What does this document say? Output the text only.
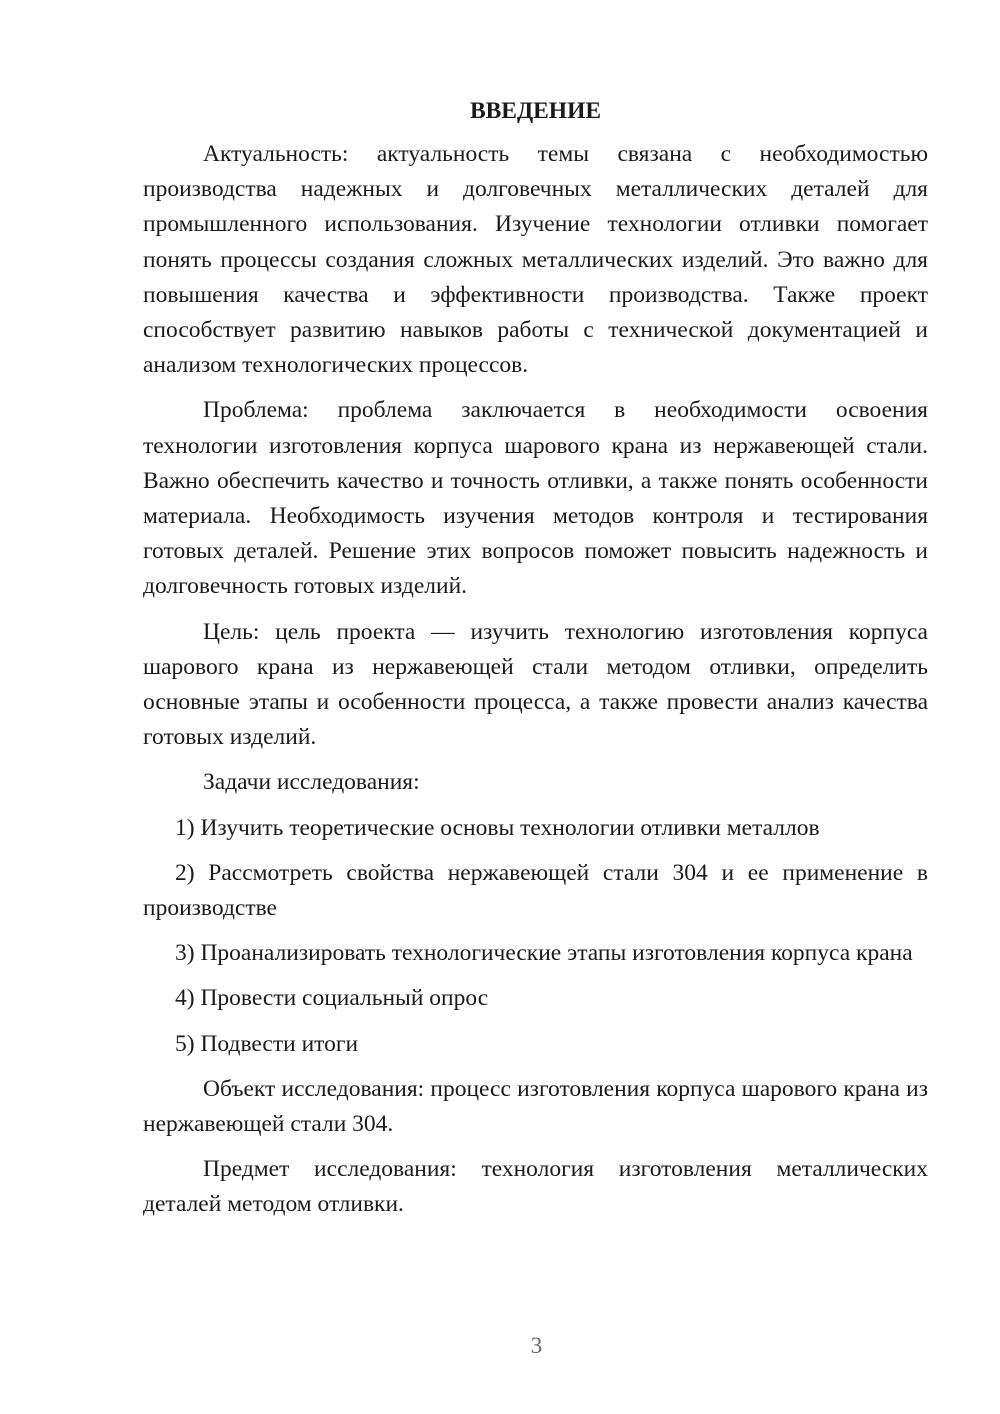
ВВЕДЕНИЕ

Актуальность: актуальность темы связана с необходимостью производства надежных и долговечных металлических деталей для промышленного использования. Изучение технологии отливки помогает понять процессы создания сложных металлических изделий. Это важно для повышения качества и эффективности производства. Также проект способствует развитию навыков работы с технической документацией и анализом технологических процессов.

Проблема: проблема заключается в необходимости освоения технологии изготовления корпуса шарового крана из нержавеющей стали. Важно обеспечить качество и точность отливки, а также понять особенности материала. Необходимость изучения методов контроля и тестирования готовых деталей. Решение этих вопросов поможет повысить надежность и долговечность готовых изделий.

Цель: цель проекта — изучить технологию изготовления корпуса шарового крана из нержавеющей стали методом отливки, определить основные этапы и особенности процесса, а также провести анализ качества готовых изделий.

Задачи исследования:

1) Изучить теоретические основы технологии отливки металлов

2) Рассмотреть свойства нержавеющей стали 304 и ее применение в производстве

3) Проанализировать технологические этапы изготовления корпуса крана

4) Провести социальный опрос

5) Подвести итоги

Объект исследования: процесс изготовления корпуса шарового крана из нержавеющей стали 304.

Предмет исследования: технология изготовления металлических деталей методом отливки.

3
